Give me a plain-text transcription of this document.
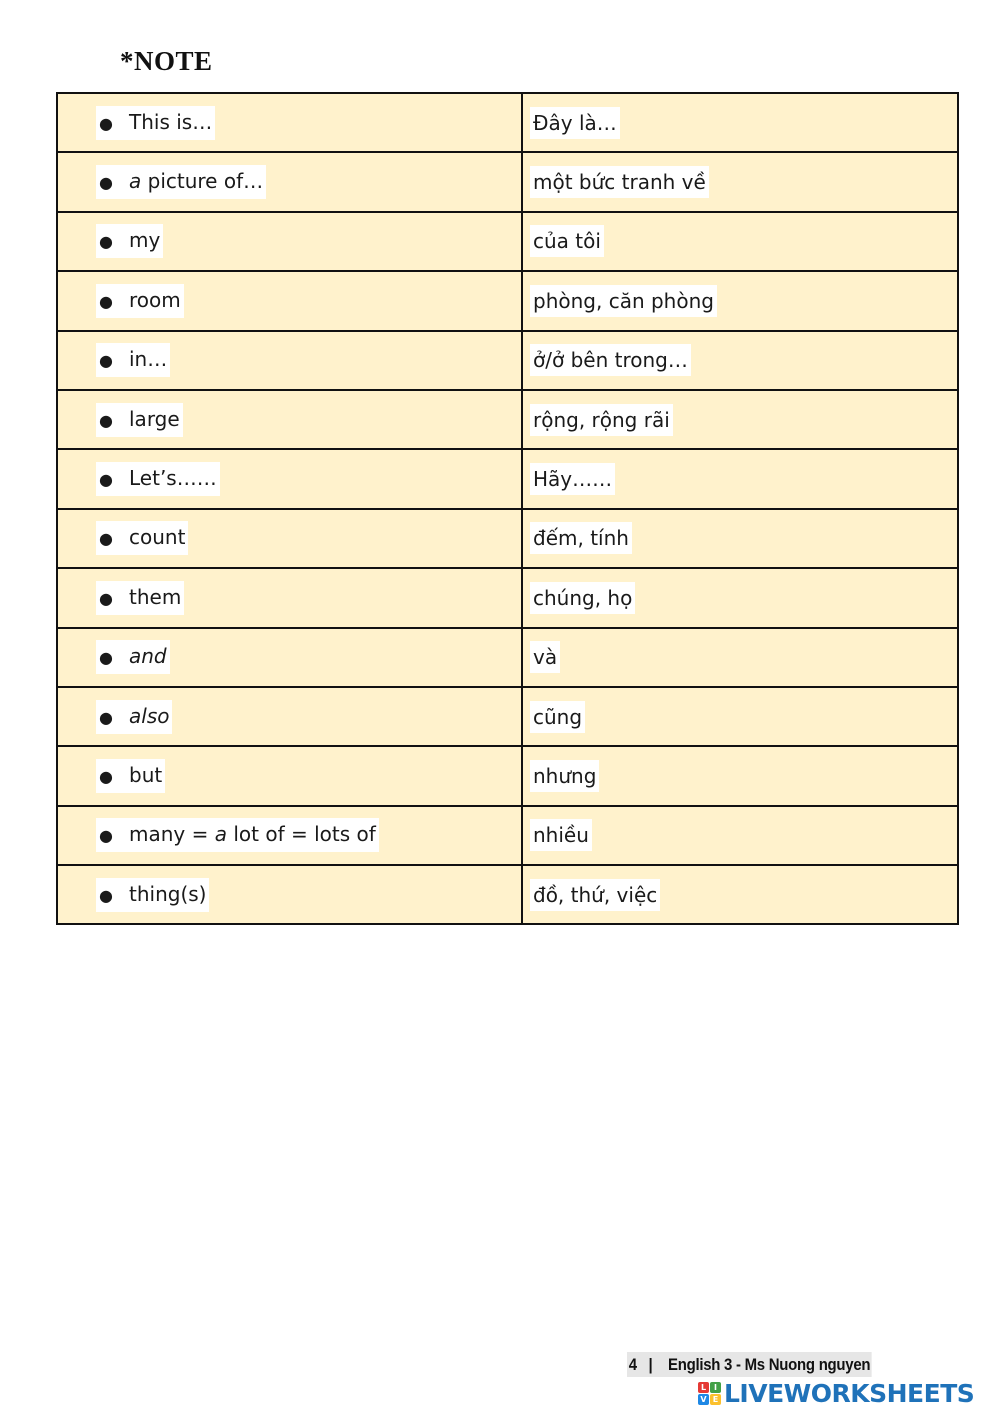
*NOTE
● This is…	Đây là…

● a picture of…	một bức tranh về

● my	của tôi

● room	phòng, căn phòng

● in…	ở/ở bên trong…

● large	rộng, rộng rãi

● Let’s……	Hãy……

● count	đếm, tính

● them	chúng, họ

● and	và

● also	cũng

● but	nhưng

● many = a lot of = lots of	nhiều

● thing(s)	đồ, thứ, việc
4   |    English 3 - Ms Nuong nguyen
L I
V E LIVEWORKSHEETS
